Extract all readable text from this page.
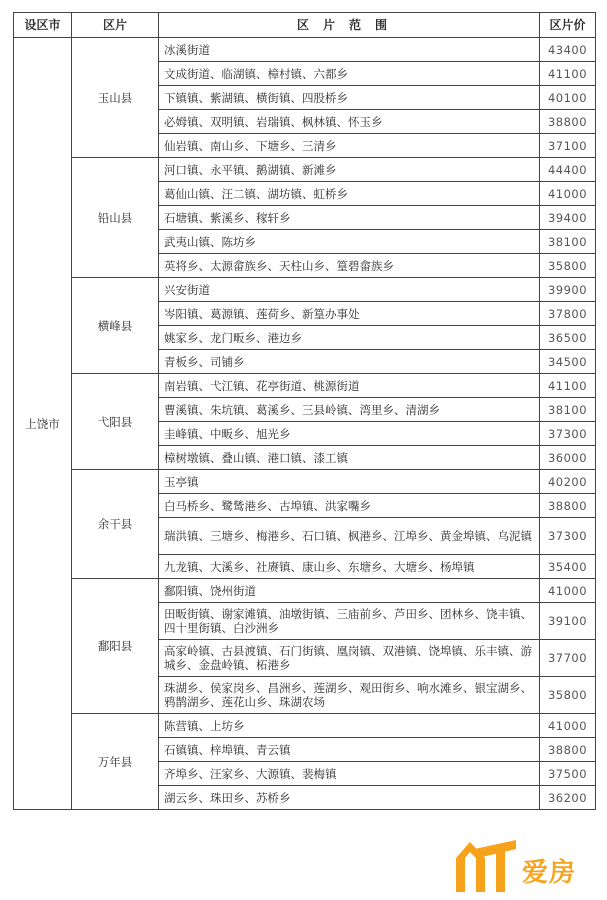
设区市	区片	区片范围	区片价
上饶市	玉山县	冰溪街道	43400
		文成街道、临湖镇、樟村镇、六都乡	41100
		下镇镇、紫湖镇、横街镇、四股桥乡	40100
		必姆镇、双明镇、岩瑞镇、枫林镇、怀玉乡	38800
		仙岩镇、南山乡、下塘乡、三清乡	37100
	铅山县	河口镇、永平镇、鹅湖镇、新滩乡	44400
		葛仙山镇、汪二镇、湖坊镇、虹桥乡	41000
		石塘镇、紫溪乡、稼轩乡	39400
		武夷山镇、陈坊乡	38100
		英将乡、太源畲族乡、天柱山乡、篁碧畲族乡	35800
	横峰县	兴安街道	39900
		岑阳镇、葛源镇、莲荷乡、新篁办事处	37800
		姚家乡、龙门畈乡、港边乡	36500
		青板乡、司铺乡	34500
	弋阳县	南岩镇、弋江镇、花亭街道、桃源街道	41100
		曹溪镇、朱坑镇、葛溪乡、三县岭镇、湾里乡、清湖乡	38100
		圭峰镇、中畈乡、旭光乡	37300
		樟树墩镇、叠山镇、港口镇、漆工镇	36000
	余干县	玉亭镇	40200
		白马桥乡、鹭鸶港乡、古埠镇、洪家嘴乡	38800
		瑞洪镇、三塘乡、梅港乡、石口镇、枫港乡、江埠乡、黄金埠镇、乌泥镇	37300
		九龙镇、大溪乡、社赓镇、康山乡、东塘乡、大塘乡、杨埠镇	35400
	鄱阳县	鄱阳镇、饶州街道	41000
		田畈街镇、谢家滩镇、油墩街镇、三庙前乡、芦田乡、团林乡、饶丰镇、四十里街镇、白沙洲乡	39100
		高家岭镇、古县渡镇、石门街镇、凰岗镇、双港镇、饶埠镇、乐丰镇、游城乡、金盘岭镇、柘港乡	37700
		珠湖乡、侯家岗乡、昌洲乡、莲湖乡、观田街乡、响水滩乡、银宝湖乡、鸦鹊湖乡、莲花山乡、珠湖农场	35800
	万年县	陈营镇、上坊乡	41000
		石镇镇、梓埠镇、青云镇	38800
		齐埠乡、汪家乡、大源镇、裴梅镇	37500
		湖云乡、珠田乡、苏桥乡	36200
爱房
